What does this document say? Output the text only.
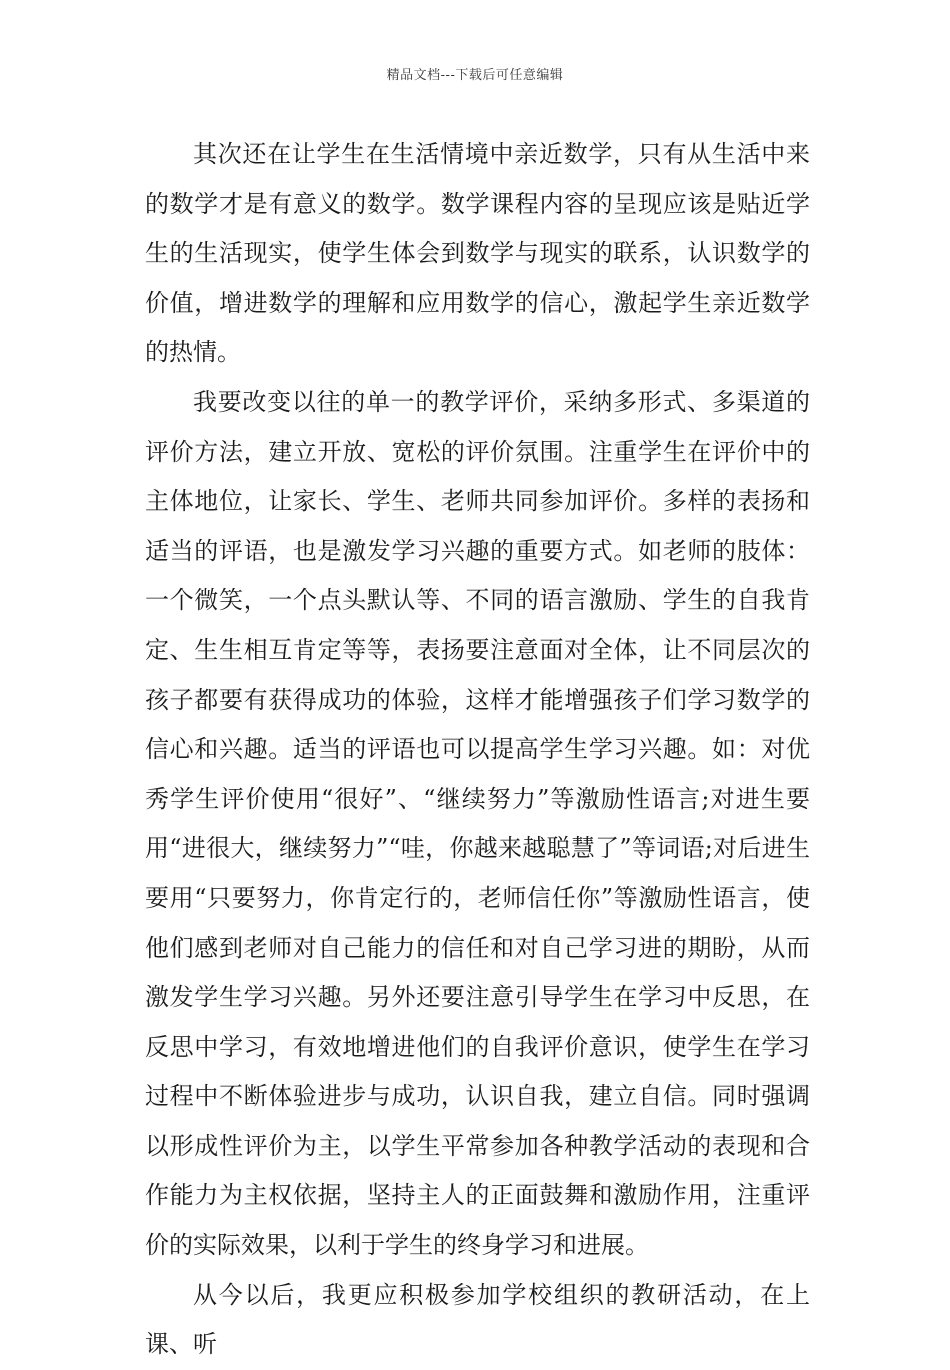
精品文档---下载后可任意编辑

其次还在让学生在生活情境中亲近数学，只有从生活中来的数学才是有意义的数学。数学课程内容的呈现应该是贴近学生的生活现实，使学生体会到数学与现实的联系，认识数学的价值，增进数学的理解和应用数学的信心，激起学生亲近数学的热情。

我要改变以往的单一的教学评价，采纳多形式、多渠道的评价方法，建立开放、宽松的评价氛围。注重学生在评价中的主体地位，让家长、学生、老师共同参加评价。多样的表扬和适当的评语，也是激发学习兴趣的重要方式。如老师的肢体：一个微笑，一个点头默认等、不同的语言激励、学生的自我肯定、生生相互肯定等等，表扬要注意面对全体，让不同层次的孩子都要有获得成功的体验，这样才能增强孩子们学习数学的信心和兴趣。适当的评语也可以提高学生学习兴趣。如：对优秀学生评价使用“很好”、“继续努力”等激励性语言;对进生要用“进很大，继续努力”“哇，你越来越聪慧了”等词语;对后进生要用“只要努力，你肯定行的，老师信任你”等激励性语言，使他们感到老师对自己能力的信任和对自己学习进的期盼，从而激发学生学习兴趣。另外还要注意引导学生在学习中反思，在反思中学习，有效地增进他们的自我评价意识，使学生在学习过程中不断体验进步与成功，认识自我，建立自信。同时强调以形成性评价为主，以学生平常参加各种教学活动的表现和合作能力为主权依据，坚持主人的正面鼓舞和激励作用，注重评价的实际效果，以利于学生的终身学习和进展。

从今以后，我更应积极参加学校组织的教研活动，在上课、听
